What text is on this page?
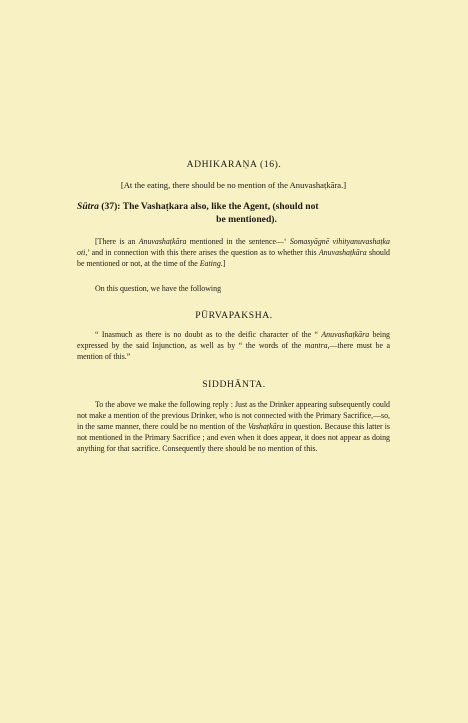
ADHIKARAṆA (16).
[At the eating, there should be no mention of the Anuvashaṭkāra.]
Sūtra (37): The Vashaṭkara also, like the Agent, (should not
be mentioned).
[There is an Anuvashaṭkāra mentioned in the sentence—‘ Somasyāgnē vihityanuvashaṭka oti,’ and in connection with this there arises the question as to whether this Anuvashaṭkāra should be mentioned or not, at the time of the Eating.]
On this question, we have the following
PŪRVAPAKSHA.
“ Inasmuch as there is no doubt as to the deific character of the “ Anuvashaṭkāra being expressed by the said Injunction, as well as by “ the words of the mantra,—there must be a mention of this.”
SIDDHĀNTA.
To the above we make the following reply : Just as the Drinker appearing subsequently could not make a mention of the previous Drinker, who is not connected with the Primary Sacrifice,—so, in the same manner, there could be no mention of the Vashaṭkāra in question. Because this latter is not mentioned in the Primary Sacrifice ; and even when it does appear, it does not appear as doing anything for that sacrifice. Consequently there should be no mention of this.
